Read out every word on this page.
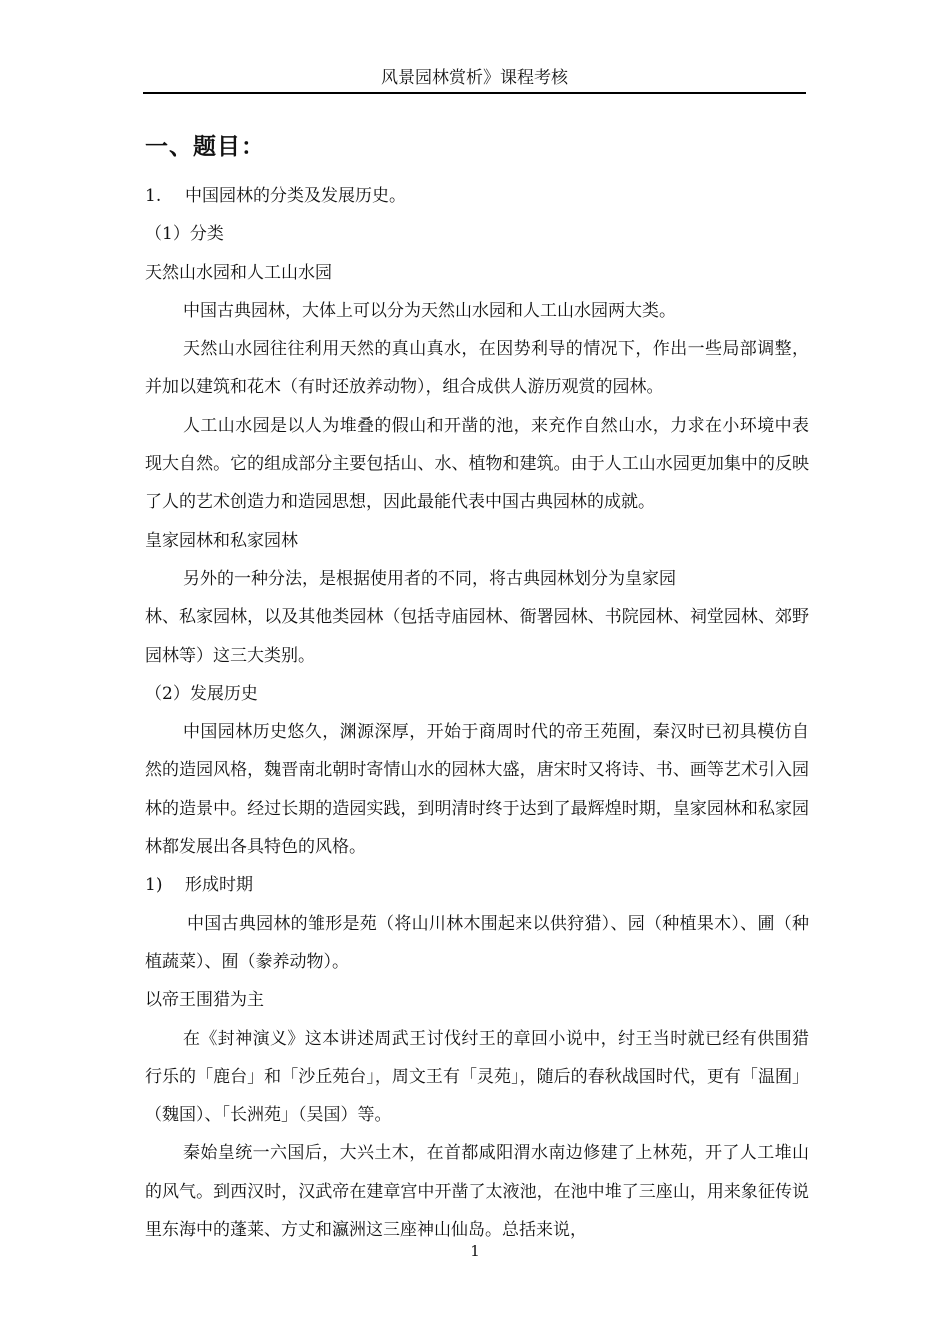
风景园林赏析》课程考核
一、题目：

1. 中国园林的分类及发展历史。

（1）分类

天然山水园和人工山水园

中国古典园林，大体上可以分为天然山水园和人工山水园两大类。

天然山水园往往利用天然的真山真水，在因势利导的情况下，作出一些局部调整，并加以建筑和花木（有时还放养动物），组合成供人游历观赏的园林。

人工山水园是以人为堆叠的假山和开凿的池，来充作自然山水，力求在小环境中表现大自然。它的组成部分主要包括山、水、植物和建筑。由于人工山水园更加集中的反映了人的艺术创造力和造园思想，因此最能代表中国古典园林的成就。

皇家园林和私家园林

另外的一种分法，是根据使用者的不同，将古典园林划分为皇家园

林、私家园林，以及其他类园林（包括寺庙园林、衙署园林、书院园林、祠堂园林、郊野园林等）这三大类别。

（2）发展历史

中国园林历史悠久，渊源深厚，开始于商周时代的帝王苑囿，秦汉时已初具模仿自然的造园风格，魏晋南北朝时寄情山水的园林大盛，唐宋时又将诗、书、画等艺术引入园林的造景中。经过长期的造园实践，到明清时终于达到了最辉煌时期，皇家园林和私家园林都发展出各具特色的风格。

1) 形成时期

中国古典园林的雏形是苑（将山川林木围起来以供狩猎）、园（种植果木）、圃（种植蔬菜）、囿（豢养动物）。

以帝王围猎为主

在《封神演义》这本讲述周武王讨伐纣王的章回小说中，纣王当时就已经有供围猎行乐的「鹿台」和「沙丘苑台」，周文王有「灵苑」，随后的春秋战国时代，更有「温囿」（魏国）、「长洲苑」（吴国）等。

秦始皇统一六国后，大兴土木，在首都咸阳渭水南边修建了上林苑，开了人工堆山的风气。到西汉时，汉武帝在建章宫中开凿了太液池，在池中堆了三座山，用来象征传说里东海中的蓬莱、方丈和瀛洲这三座神山仙岛。总括来说，

1
